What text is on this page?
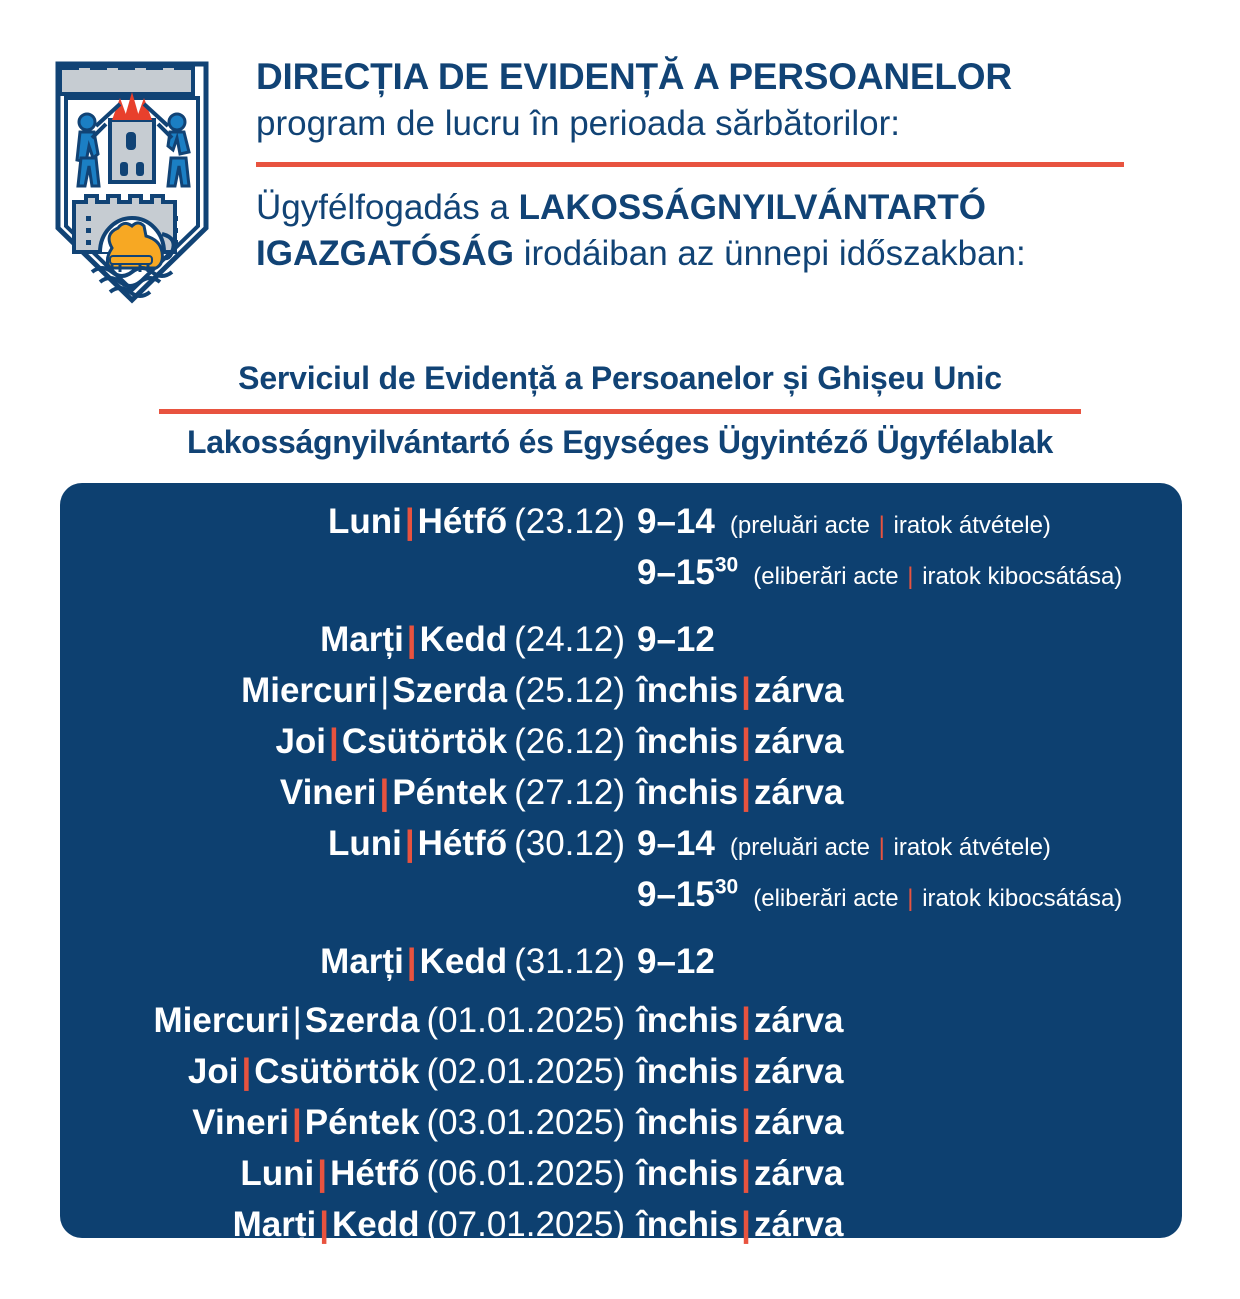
DIRECȚIA DE EVIDENȚĂ A PERSOANELOR
program de lucru în perioada sărbătorilor:
Ügyfélfogadás a LAKOSSÁGNYILVÁNTARTÓ
IGAZGATÓSÁG irodáiban az ünnepi időszakban:
Serviciul de Evidență a Persoanelor și Ghișeu Unic
Lakosságnyilvántartó és Egységes Ügyintéző Ügyfélablak
Luni|Hétfő (23.12) 9–14 (preluări acte | iratok átvétele)
$9-15^{30}$ (eliberări acte | iratok kibocsátása)
Marți|Kedd (24.12) 9–12
Miercuri|Szerda (25.12) închis|zárva
Joi|Csütörtök (26.12) închis|zárva
Vineri|Péntek (27.12) închis|zárva
Luni|Hétfő (30.12) 9–14 (preluări acte | iratok átvétele)
$9-15^{30}$ (eliberări acte | iratok kibocsátása)
Marți|Kedd (31.12) 9–12
Miercuri|Szerda (01.01.2025) închis|zárva
Joi|Csütörtök (02.01.2025) închis|zárva
Vineri|Péntek (03.01.2025) închis|zárva
Luni|Hétfő (06.01.2025) închis|zárva
Marți|Kedd (07.01.2025) închis|zárva
